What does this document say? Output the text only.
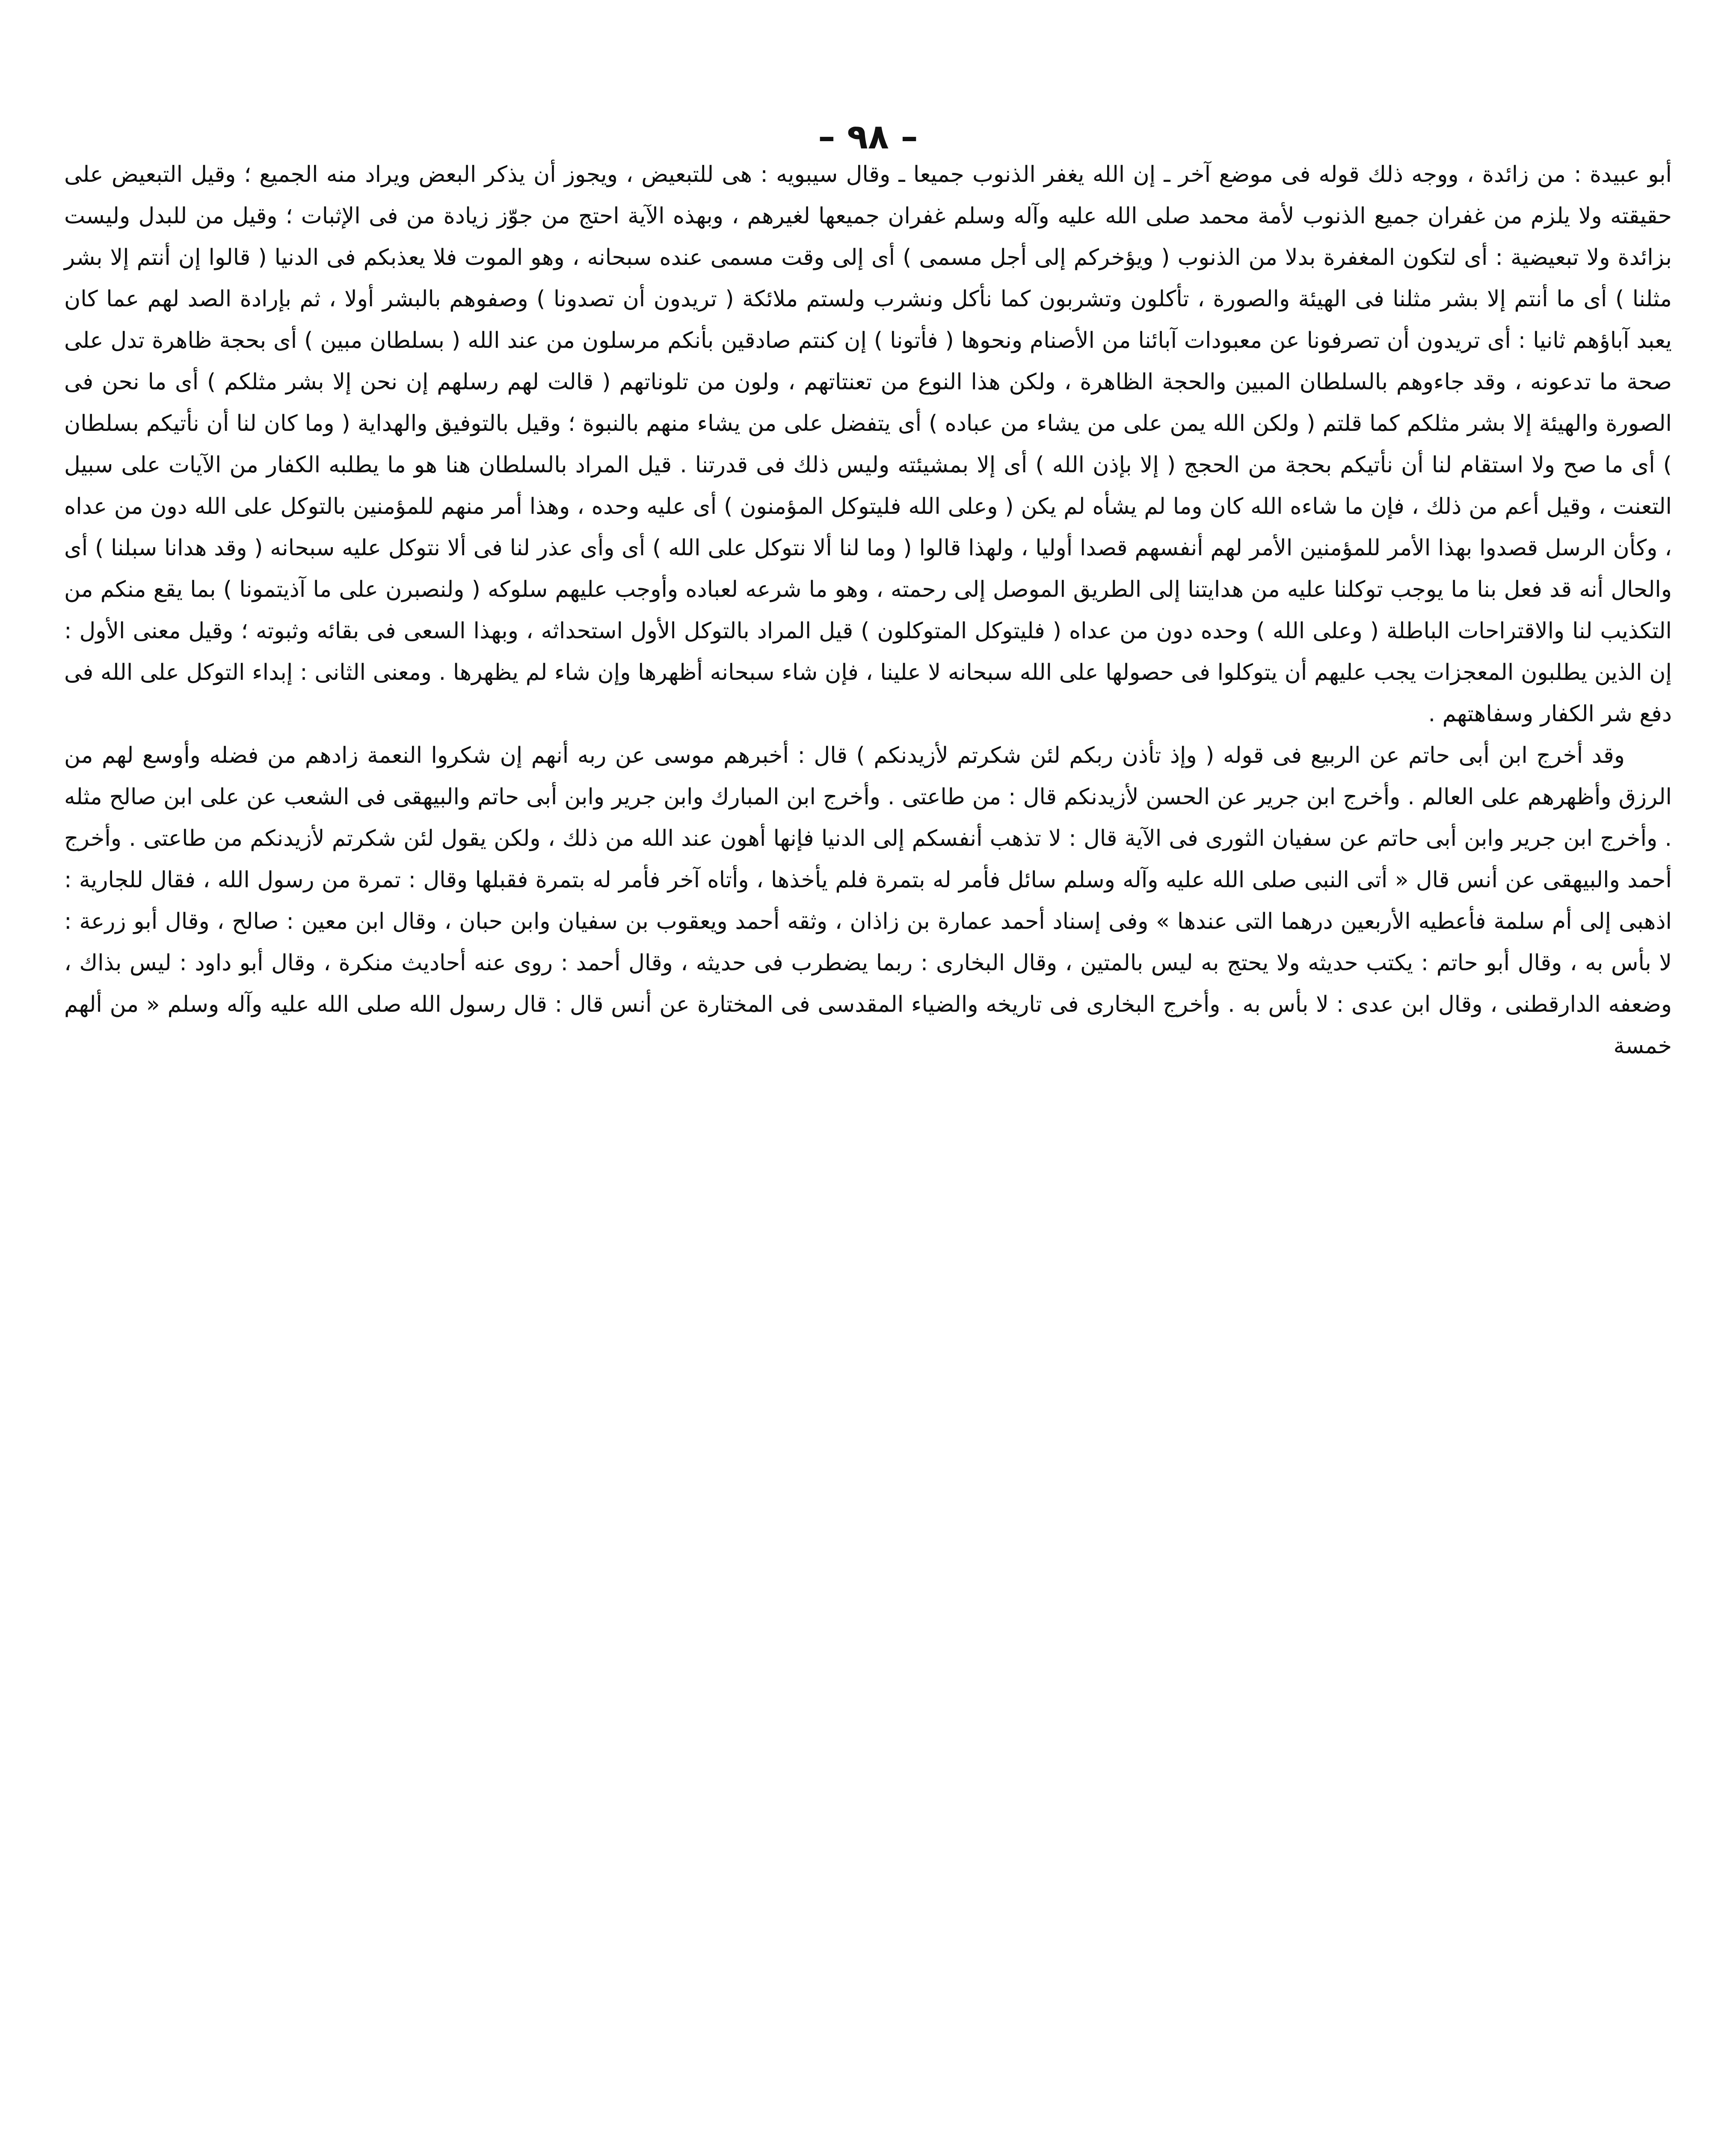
– ٩٨ –

أبو عبيدة : من زائدة ، ووجه ذلك قوله فى موضع آخر ـ إن الله يغفر الذنوب جميعا ـ وقال سيبويه : هى للتبعيض ، ويجوز أن يذكر البعض ويراد منه الجميع ؛ وقيل التبعيض على حقيقته ولا يلزم من غفران جميع الذنوب لأمة محمد صلى الله عليه وآله وسلم غفران جميعها لغيرهم ، وبهذه الآية احتج من جوّز زيادة من فى الإثبات ؛ وقيل من للبدل وليست بزائدة ولا تبعيضية : أى لتكون المغفرة بدلا من الذنوب ( ويؤخركم إلى أجل مسمى ) أى إلى وقت مسمى عنده سبحانه ، وهو الموت فلا يعذبكم فى الدنيا ( قالوا إن أنتم إلا بشر مثلنا ) أى ما أنتم إلا بشر مثلنا فى الهيئة والصورة ، تأكلون وتشربون كما نأكل ونشرب ولستم ملائكة ( تريدون أن تصدونا ) وصفوهم بالبشر أولا ، ثم بإرادة الصد لهم عما كان يعبد آباؤهم ثانيا : أى تريدون أن تصرفونا عن معبودات آبائنا من الأصنام ونحوها ( فأتونا ) إن كنتم صادقين بأنكم مرسلون من عند الله ( بسلطان مبين ) أى بحجة ظاهرة تدل على صحة ما تدعونه ، وقد جاءوهم بالسلطان المبين والحجة الظاهرة ، ولكن هذا النوع من تعنتاتهم ، ولون من تلوناتهم ( قالت لهم رسلهم إن نحن إلا بشر مثلكم ) أى ما نحن فى الصورة والهيئة إلا بشر مثلكم كما قلتم ( ولكن الله يمن على من يشاء من عباده ) أى يتفضل على من يشاء منهم بالنبوة ؛ وقيل بالتوفيق والهداية ( وما كان لنا أن نأتيكم بسلطان ) أى ما صح ولا استقام لنا أن نأتيكم بحجة من الحجج ( إلا بإذن الله ) أى إلا بمشيئته وليس ذلك فى قدرتنا . قيل المراد بالسلطان هنا هو ما يطلبه الكفار من الآيات على سبيل التعنت ، وقيل أعم من ذلك ، فإن ما شاءه الله كان وما لم يشأه لم يكن ( وعلى الله فليتوكل المؤمنون ) أى عليه وحده ، وهذا أمر منهم للمؤمنين بالتوكل على الله دون من عداه ، وكأن الرسل قصدوا بهذا الأمر للمؤمنين الأمر لهم أنفسهم قصدا أوليا ، ولهذا قالوا ( وما لنا ألا نتوكل على الله ) أى وأى عذر لنا فى ألا نتوكل عليه سبحانه ( وقد هدانا سبلنا ) أى والحال أنه قد فعل بنا ما يوجب توكلنا عليه من هدايتنا إلى الطريق الموصل إلى رحمته ، وهو ما شرعه لعباده وأوجب عليهم سلوكه ( ولنصبرن على ما آذيتمونا ) بما يقع منكم من التكذيب لنا والاقتراحات الباطلة ( وعلى الله ) وحده دون من عداه ( فليتوكل المتوكلون ) قيل المراد بالتوكل الأول استحداثه ، وبهذا السعى فى بقائه وثبوته ؛ وقيل معنى الأول : إن الذين يطلبون المعجزات يجب عليهم أن يتوكلوا فى حصولها على الله سبحانه لا علينا ، فإن شاء سبحانه أظهرها وإن شاء لم يظهرها . ومعنى الثانى : إبداء التوكل على الله فى دفع شر الكفار وسفاهتهم .

وقد أخرج ابن أبى حاتم عن الربيع فى قوله ( وإذ تأذن ربكم لئن شكرتم لأزيدنكم ) قال : أخبرهم موسى عن ربه أنهم إن شكروا النعمة زادهم من فضله وأوسع لهم من الرزق وأظهرهم على العالم . وأخرج ابن جرير عن الحسن لأزيدنكم قال : من طاعتى . وأخرج ابن المبارك وابن جرير وابن أبى حاتم والبيهقى فى الشعب عن على ابن صالح مثله . وأخرج ابن جرير وابن أبى حاتم عن سفيان الثورى فى الآية قال : لا تذهب أنفسكم إلى الدنيا فإنها أهون عند الله من ذلك ، ولكن يقول لئن شكرتم لأزيدنكم من طاعتى . وأخرج أحمد والبيهقى عن أنس قال « أتى النبى صلى الله عليه وآله وسلم سائل فأمر له بتمرة فلم يأخذها ، وأتاه آخر فأمر له بتمرة فقبلها وقال : تمرة من رسول الله ، فقال للجارية : اذهبى إلى أم سلمة فأعطيه الأربعين درهما التى عندها » وفى إسناد أحمد عمارة بن زاذان ، وثقه أحمد ويعقوب بن سفيان وابن حبان ، وقال ابن معين : صالح ، وقال أبو زرعة : لا بأس به ، وقال أبو حاتم : يكتب حديثه ولا يحتج به ليس بالمتين ، وقال البخارى : ربما يضطرب فى حديثه ، وقال أحمد : روى عنه أحاديث منكرة ، وقال أبو داود : ليس بذاك ، وضعفه الدارقطنى ، وقال ابن عدى : لا بأس به . وأخرج البخارى فى تاريخه والضياء المقدسى فى المختارة عن أنس قال : قال رسول الله صلى الله عليه وآله وسلم « من ألهم خمسة
